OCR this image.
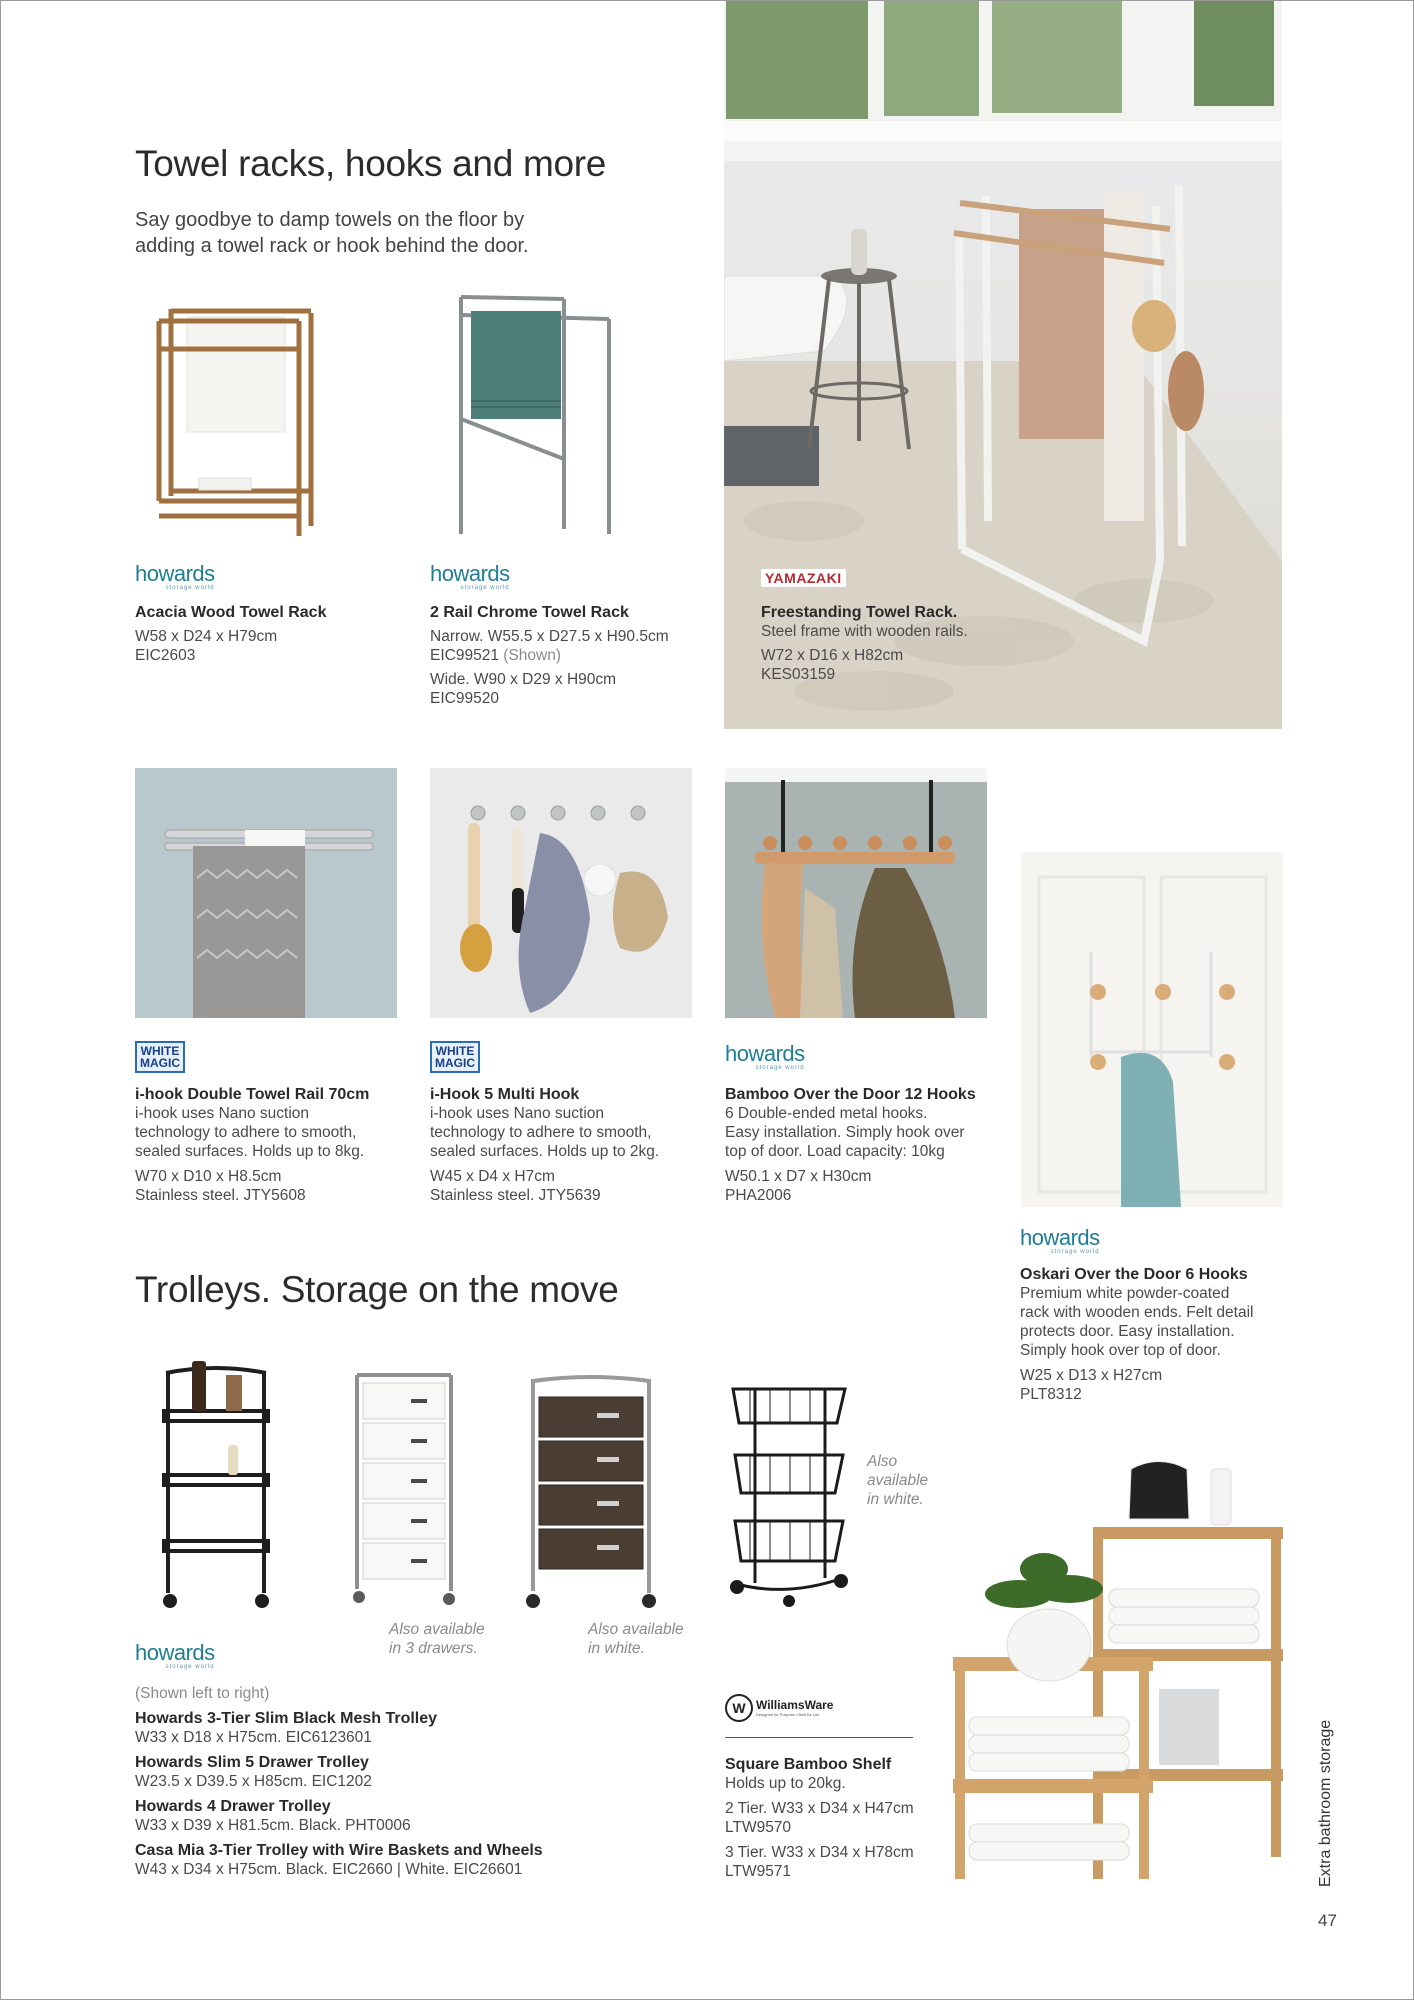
Towel racks, hooks and more
Say goodbye to damp towels on the floor by
adding a towel rack or hook behind the door.
howards
storage world
howards
storage world
YAMAZAKI
Acacia Wood Towel Rack
W58 x D24 x H79cm
EIC2603
2 Rail Chrome Towel Rack
Narrow. W55.5 x D27.5 x H90.5cm
EIC99521 (Shown)
Wide. W90 x D29 x H90cm
EIC99520
Freestanding Towel Rack.
Steel frame with wooden rails.
W72 x D16 x H82cm
KES03159
WHITE
MAGIC
WHITE
MAGIC	howards
storage world
howards
storage world
i-hook Double Towel Rail 70cm
i-hook uses Nano suction
technology to adhere to smooth,
sealed surfaces. Holds up to 8kg.
W70 x D10 x H8.5cm
Stainless steel. JTY5608
i-Hook 5 Multi Hook
i-hook uses Nano suction
technology to adhere to smooth,
sealed surfaces. Holds up to 2kg.
W45 x D4 x H7cm
Stainless steel. JTY5639
Bamboo Over the Door 12 Hooks
6 Double-ended metal hooks.
Easy installation. Simply hook over
top of door. Load capacity: 10kg
W50.1 x D7 x H30cm
PHA2006
Oskari Over the Door 6 Hooks
Premium white powder-coated
rack with wooden ends. Felt detail
protects door. Easy installation.
Simply hook over top of door.
W25 x D13 x H27cm
PLT8312
Trolleys. Storage on the move
Also available
in 3 drawers.
Also available
in white.
Also
available
in white.
howards
storage world
(Shown left to right)
Howards 3-Tier Slim Black Mesh Trolley
W33 x D18 x H75cm. EIC6123601
Howards Slim 5 Drawer Trolley
W23.5 x D39.5 x H85cm. EIC1202
Howards 4 Drawer Trolley
W33 x D39 x H81.5cm. Black. PHT0006
Casa Mia 3-Tier Trolley with Wire Baskets and Wheels
W43 x D34 x H75cm. Black. EIC2660 | White. EIC26601
W WilliamsWare
Designed for Purpose • Built for Life
Square Bamboo Shelf
Holds up to 20kg.
2 Tier. W33 x D34 x H47cm
LTW9570
3 Tier. W33 x D34 x H78cm
LTW9571	Extra bathroom storage
47
